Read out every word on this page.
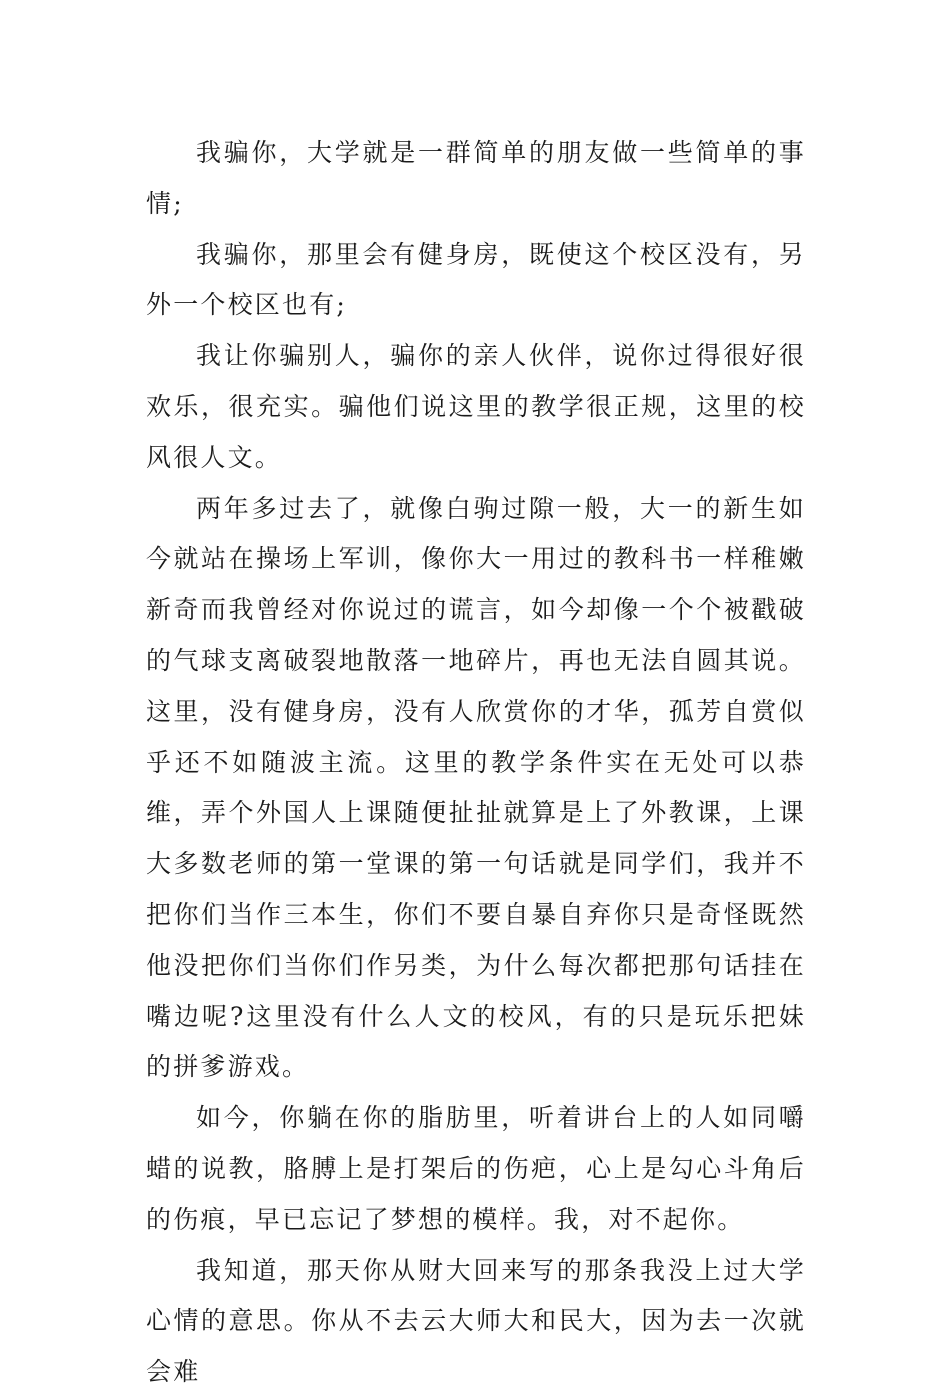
我骗你，大学就是一群简单的朋友做一些简单的事情;

我骗你，那里会有健身房，既使这个校区没有，另外一个校区也有;

我让你骗别人，骗你的亲人伙伴，说你过得很好很欢乐，很充实。骗他们说这里的教学很正规，这里的校风很人文。

两年多过去了，就像白驹过隙一般，大一的新生如今就站在操场上军训，像你大一用过的教科书一样稚嫩新奇而我曾经对你说过的谎言，如今却像一个个被戳破的气球支离破裂地散落一地碎片，再也无法自圆其说。这里，没有健身房，没有人欣赏你的才华，孤芳自赏似乎还不如随波主流。这里的教学条件实在无处可以恭维，弄个外国人上课随便扯扯就算是上了外教课，上课大多数老师的第一堂课的第一句话就是同学们，我并不把你们当作三本生，你们不要自暴自弃你只是奇怪既然他没把你们当你们作另类，为什么每次都把那句话挂在嘴边呢?这里没有什么人文的校风，有的只是玩乐把妹的拼爹游戏。

如今，你躺在你的脂肪里，听着讲台上的人如同嚼蜡的说教，胳膊上是打架后的伤疤，心上是勾心斗角后的伤痕，早已忘记了梦想的模样。我，对不起你。

我知道，那天你从财大回来写的那条我没上过大学心情的意思。你从不去云大师大和民大，因为去一次就会难
